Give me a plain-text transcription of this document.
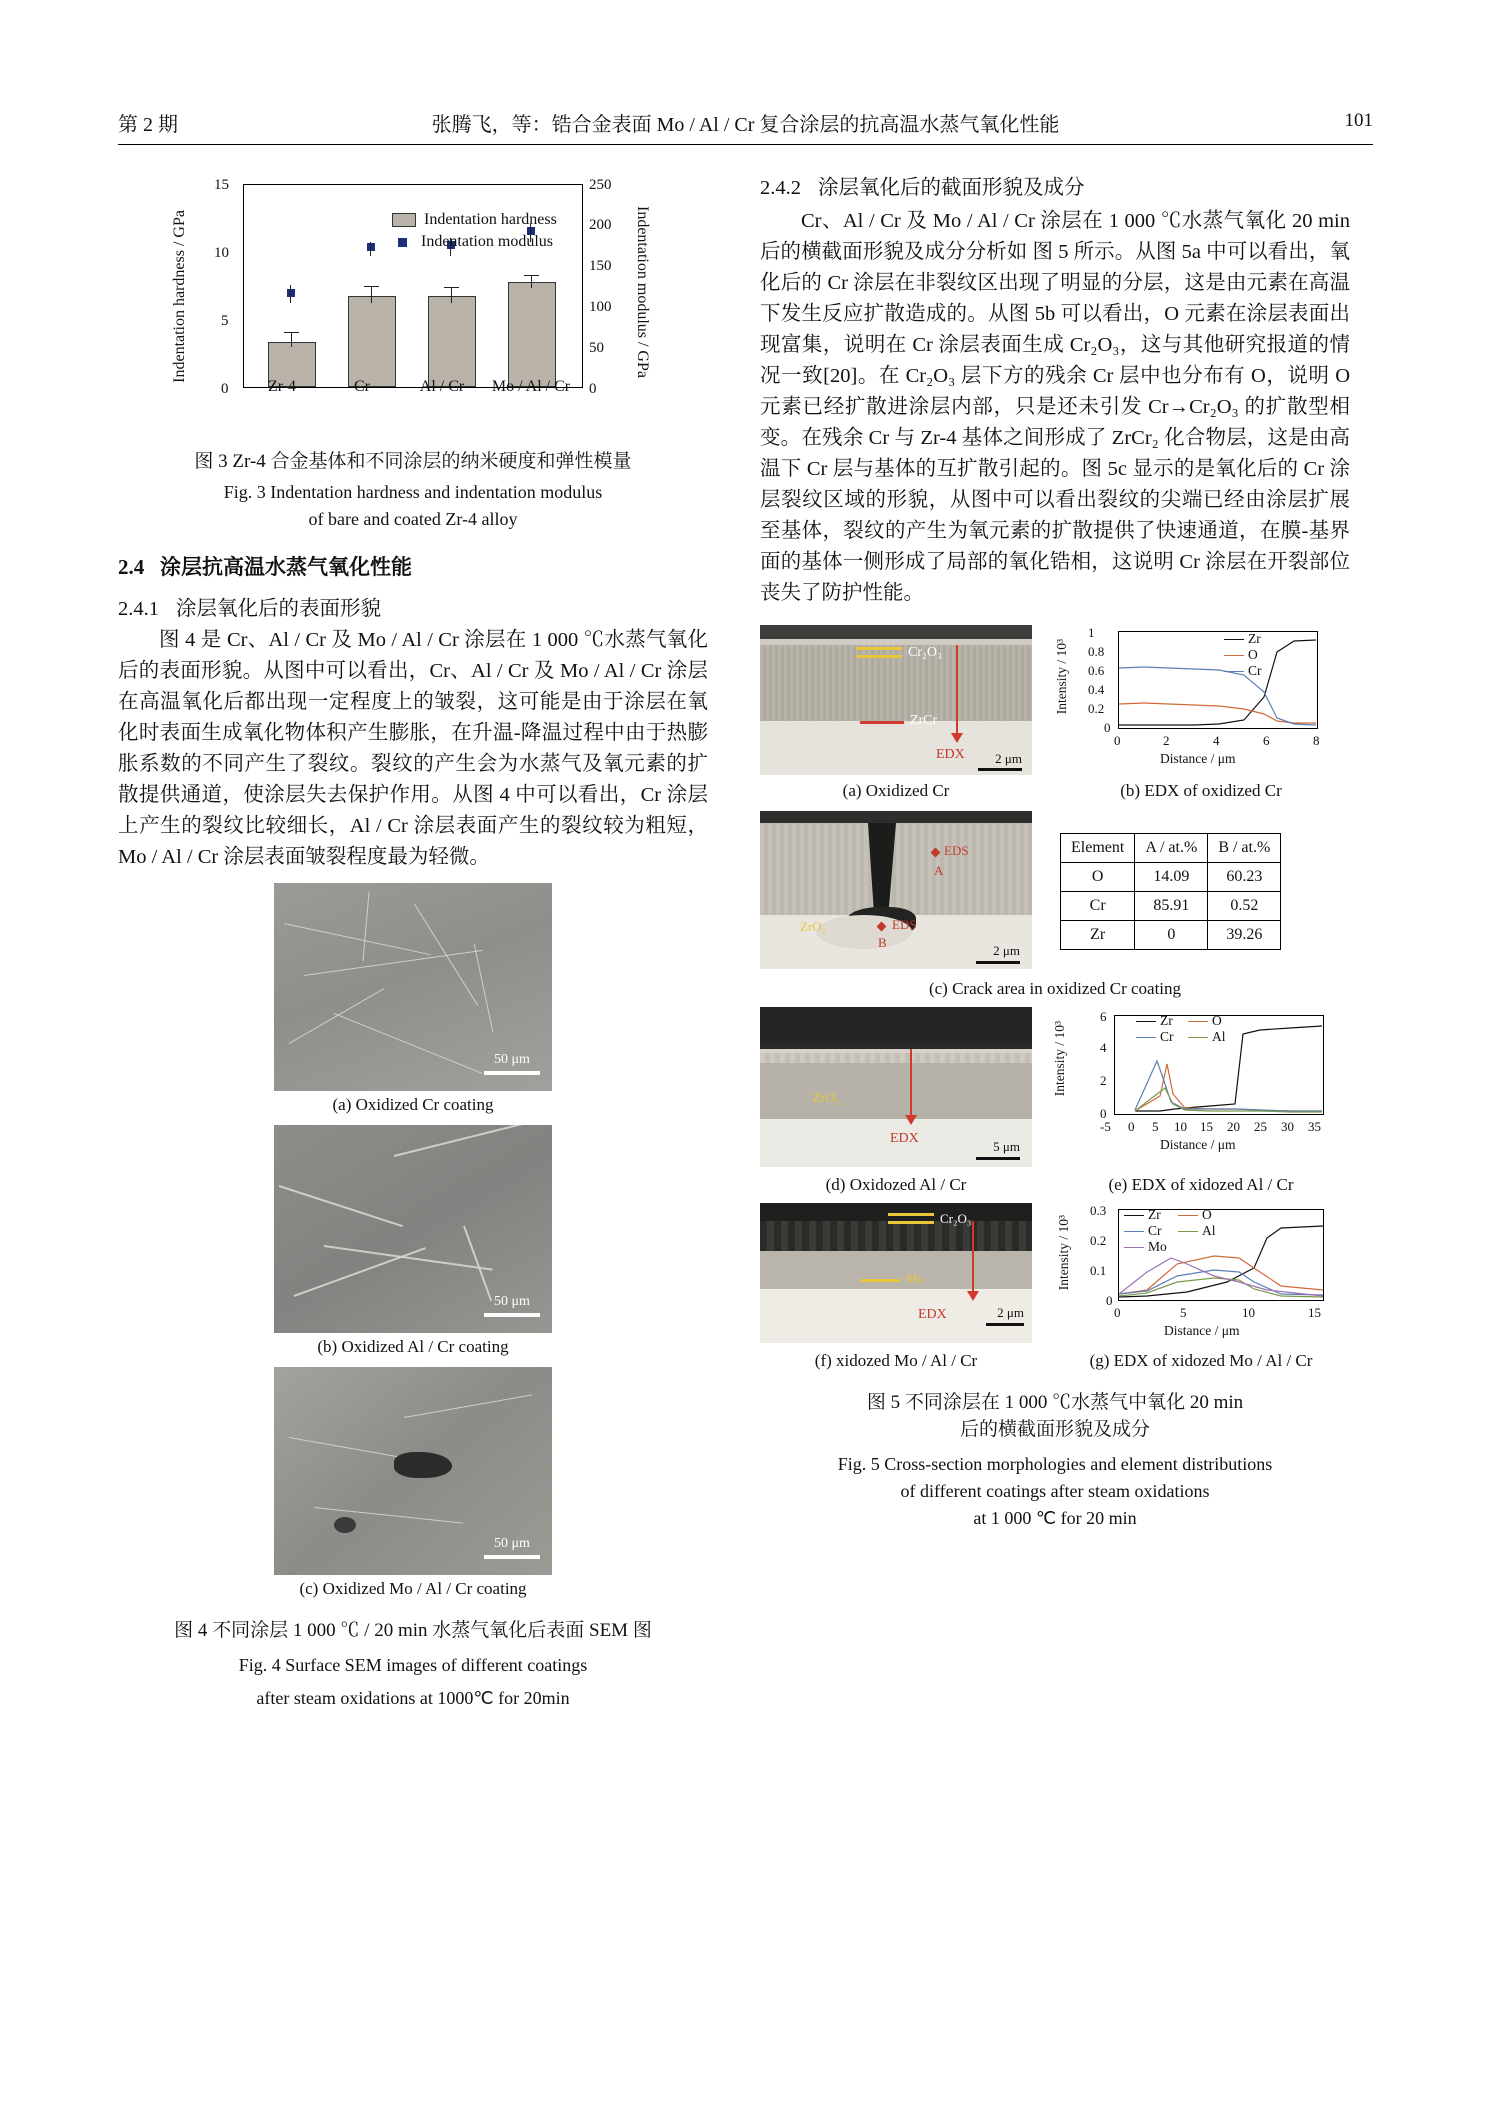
第 2 期	张腾飞，等：锆合金表面 Mo / Al / Cr 复合涂层的抗高温水蒸气氧化性能	101
Indentation hardness / GPa	Indentation modulus / GPa
Indentation hardness
Indentation modulus
0
5
10
15
0
50
100
150
200
250
Zr-4	Cr	Al / Cr	Mo / Al / Cr
图 3 Zr-4 合金基体和不同涂层的纳米硬度和弹性模量
Fig. 3 Indentation hardness and indentation modulus
of bare and coated Zr-4 alloy
2.4 涂层抗高温水蒸气氧化性能
2.4.1 涂层氧化后的表面形貌

图 4 是 Cr、Al / Cr 及 Mo / Al / Cr 涂层在 1 000 ℃水蒸气氧化后的表面形貌。从图中可以看出，Cr、Al / Cr 及 Mo / Al / Cr 涂层在高温氧化后都出现一定程度上的皱裂，这可能是由于涂层在氧化时表面生成氧化物体积产生膨胀，在升温-降温过程中由于热膨胀系数的不同产生了裂纹。裂纹的产生会为水蒸气及氧元素的扩散提供通道，使涂层失去保护作用。从图 4 中可以看出，Cr 涂层上产生的裂纹比较细长，Al / Cr 涂层表面产生的裂纹较为粗短，Mo / Al / Cr 涂层表面皱裂程度最为轻微。

50 μm
(a) Oxidized Cr coating
50 μm
(b) Oxidized Al / Cr coating
50 μm
(c) Oxidized Mo / Al / Cr coating
图 4 不同涂层 1 000 ℃ / 20 min 水蒸气氧化后表面 SEM 图
Fig. 4 Surface SEM images of different coatings
after steam oxidations at 1000℃ for 20min
2.4.2 涂层氧化后的截面形貌及成分

Cr、Al / Cr 及 Mo / Al / Cr 涂层在 1 000 ℃水蒸气氧化 20 min 后的横截面形貌及成分分析如 图 5 所示。从图 5a 中可以看出，氧化后的 Cr 涂层在非裂纹区出现了明显的分层，这是由元素在高温下发生反应扩散造成的。从图 5b 可以看出，O 元素在涂层表面出现富集，说明在 Cr 涂层表面生成 Cr₂O₃，这与其他研究报道的情况一致[20]。在 Cr₂O₃ 层下方的残余 Cr 层中也分布有 O，说明 O 元素已经扩散进涂层内部，只是还未引发 Cr→Cr₂O₃ 的扩散型相变。在残余 Cr 与 Zr-4 基体之间形成了 ZrCr₂ 化合物层，这是由高温下 Cr 层与基体的互扩散引起的。图 5c 显示的是氧化后的 Cr 涂层裂纹区域的形貌，从图中可以看出裂纹的尖端已经由涂层扩展至基体，裂纹的产生为氧元素的扩散提供了快速通道，在膜-基界面的基体一侧形成了局部的氧化锆相，这说明 Cr 涂层在开裂部位丧失了防护性能。

Cr₂O₃
ZrCr
EDX 2 μm
Zr
O
Cr
1
0.8
0.6
0.4
0.2
0
0	2	4	6	8
Distance / μm
Intensity / 10³
(a) Oxidized Cr	(b) EDX of oxidized Cr
EDS
A
EDS
B
ZrO₂
2 μm
Element	A / at.%	B / at.%
O	14.09	60.23
Cr	85.91	0.52
Zr	0	39.26
(c) Crack area in oxidized Cr coating
ZrO₂
EDX
5 μm
Zr	O
Cr	Al
6
4
2
0
-5 0 5 10 15 20 25 30 35
Distance / μm
Intensity / 10³
(d) Oxidozed Al / Cr	(e) EDX of xidozed Al / Cr
Cr₂O₃
Mo
EDX	2 μm
Zr	O
Cr	Al
Mo
0.3
0.2
0.1
0
0	5	10	15
Distance / μm
Intensity / 10³
(f) xidozed Mo / Al / Cr	(g) EDX of xidozed Mo / Al / Cr
图 5 不同涂层在 1 000 ℃水蒸气中氧化 20 min
后的横截面形貌及成分
Fig. 5 Cross-section morphologies and element distributions
of different coatings after steam oxidations
at 1 000 ℃ for 20 min
